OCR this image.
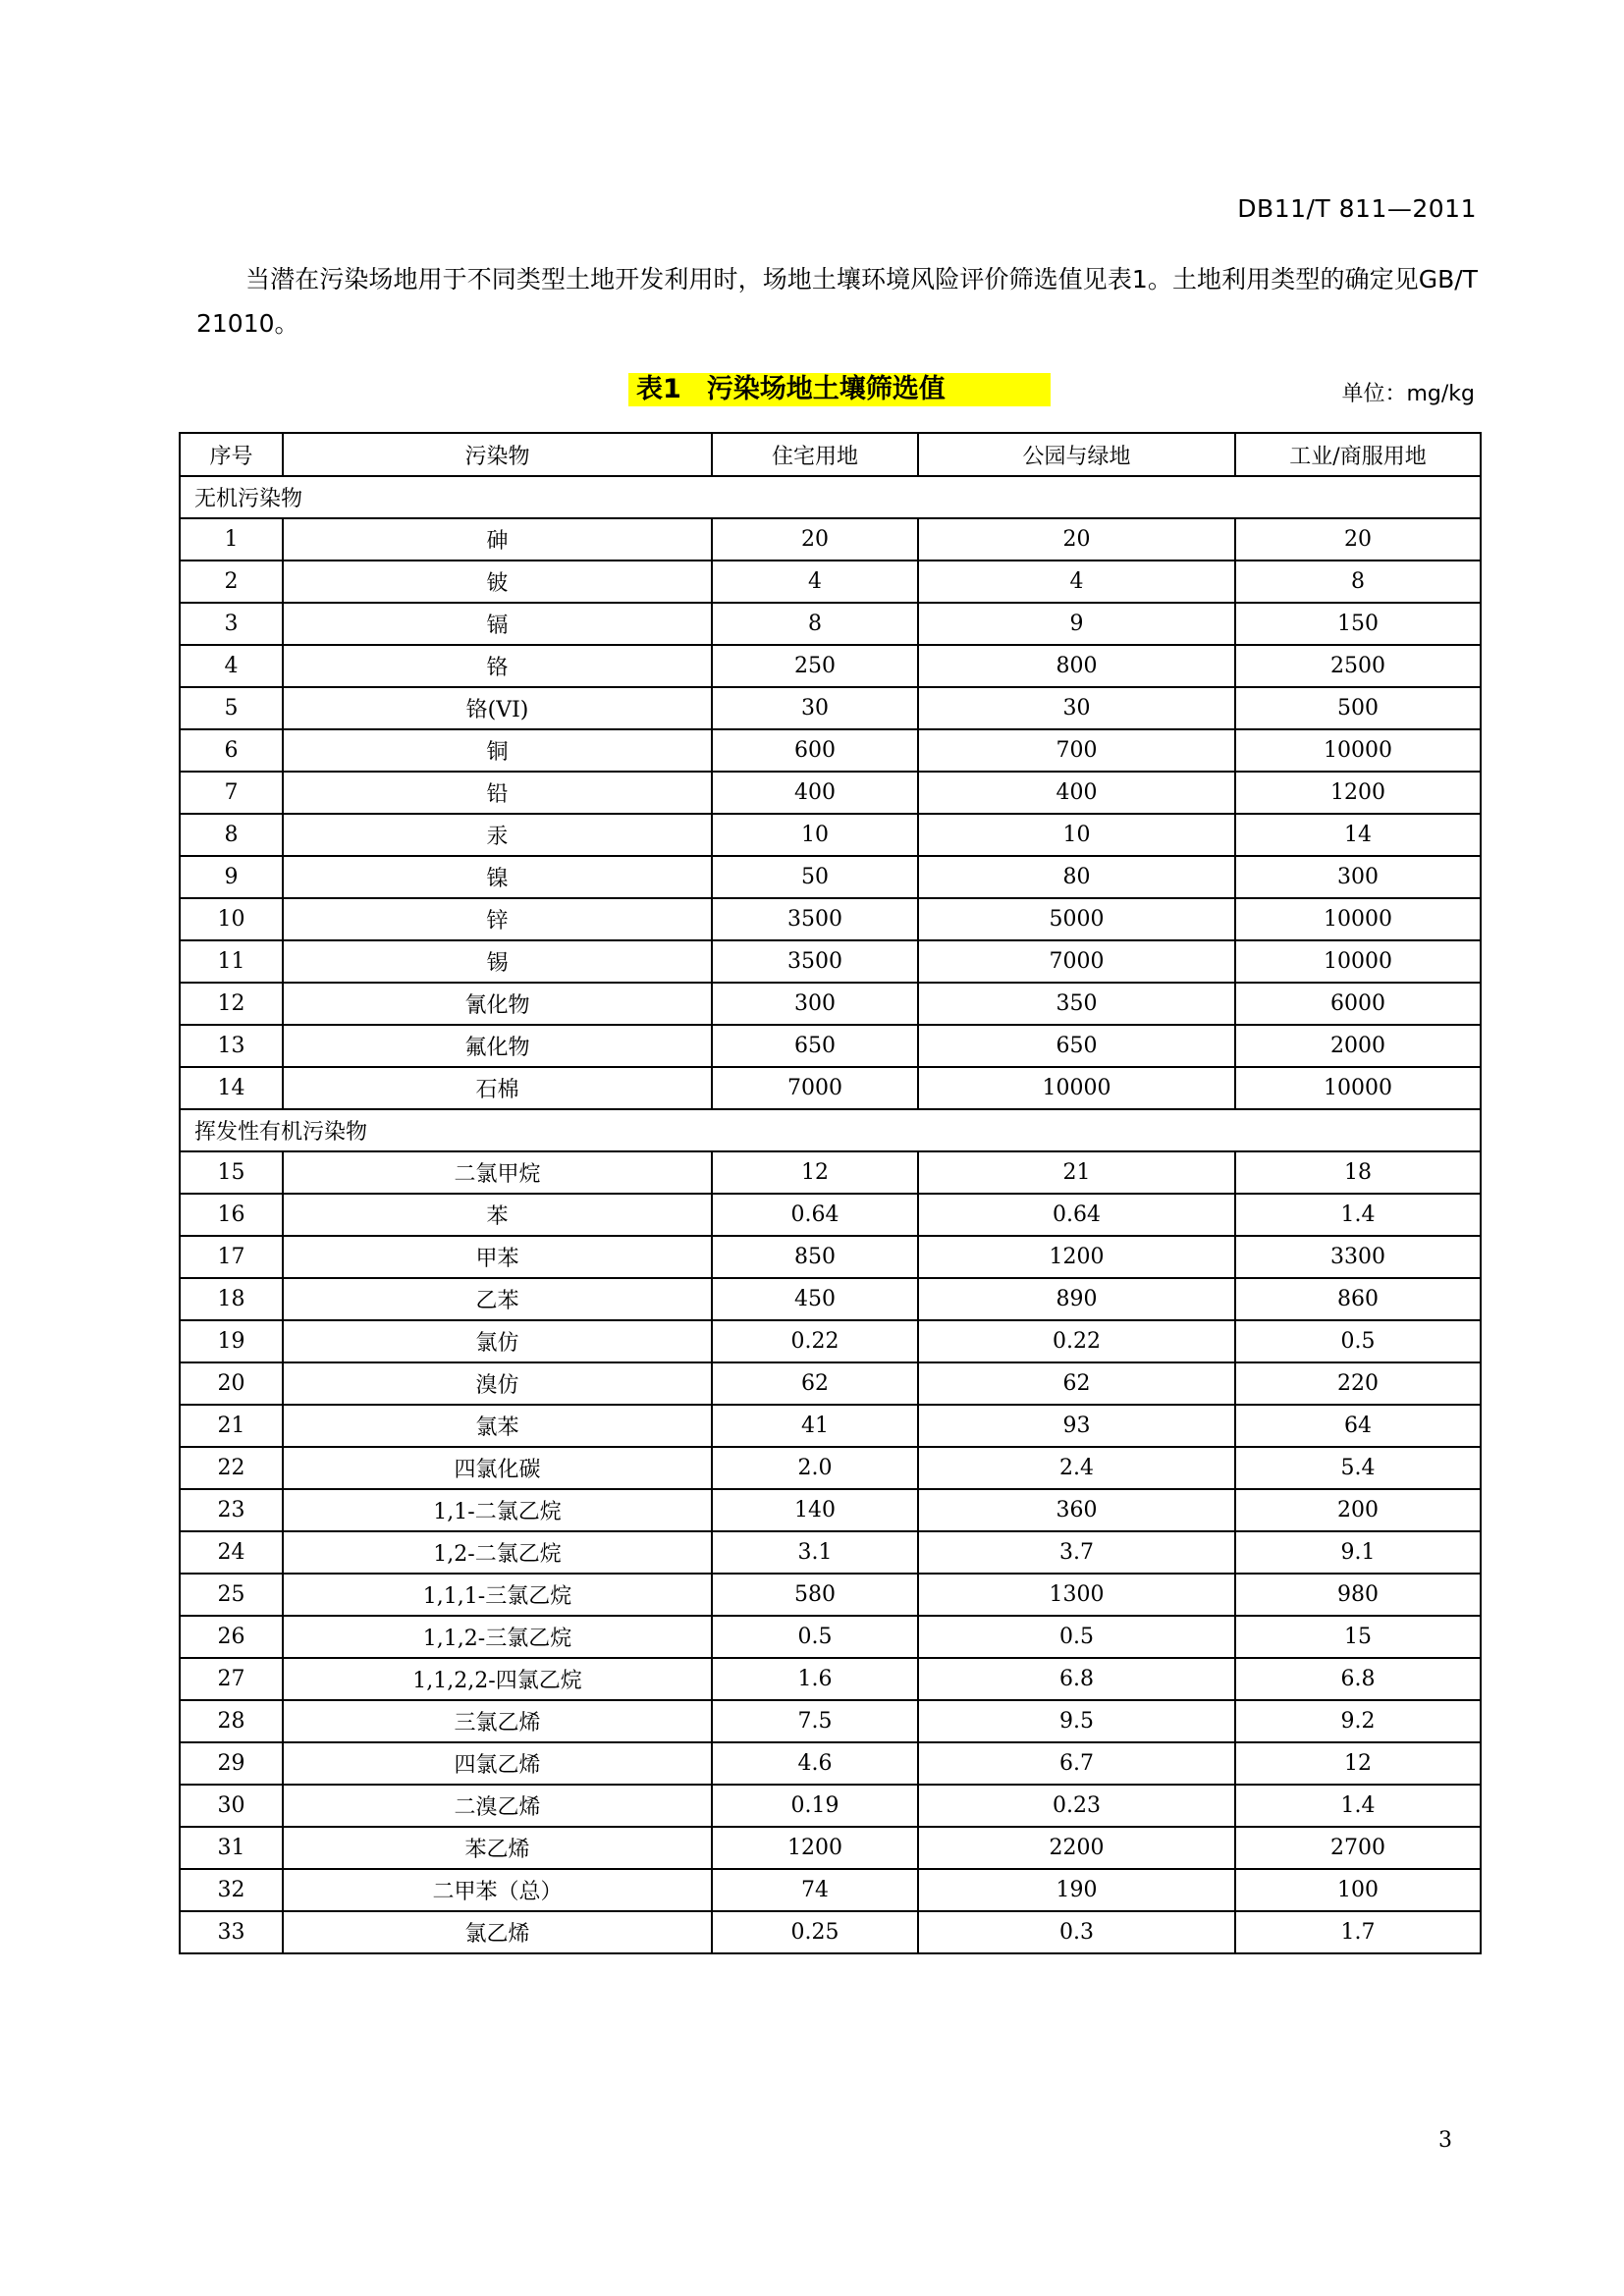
DB11/T 811—2011
当潜在污染场地用于不同类型土地开发利用时，场地土壤环境风险评价筛选值见表1。土地利用类型的确定见GB/T 21010。
表1 污染场地土壤筛选值	单位：mg/kg
序号	污染物	住宅用地	公园与绿地	工业/商服用地
无机污染物				
1	砷	20	20	20
2	铍	4	4	8
3	镉	8	9	150
4	铬	250	800	2500
5	铬(VI)	30	30	500
6	铜	600	700	10000
7	铅	400	400	1200
8	汞	10	10	14
9	镍	50	80	300
10	锌	3500	5000	10000
11	锡	3500	7000	10000
12	氰化物	300	350	6000
13	氟化物	650	650	2000
14	石棉	7000	10000	10000
挥发性有机污染物				
15	二氯甲烷	12	21	18
16	苯	0.64	0.64	1.4
17	甲苯	850	1200	3300
18	乙苯	450	890	860
19	氯仿	0.22	0.22	0.5
20	溴仿	62	62	220
21	氯苯	41	93	64
22	四氯化碳	2.0	2.4	5.4
23	1,1-二氯乙烷	140	360	200
24	1,2-二氯乙烷	3.1	3.7	9.1
25	1,1,1-三氯乙烷	580	1300	980
26	1,1,2-三氯乙烷	0.5	0.5	15
27	1,1,2,2-四氯乙烷	1.6	6.8	6.8
28	三氯乙烯	7.5	9.5	9.2
29	四氯乙烯	4.6	6.7	12
30	二溴乙烯	0.19	0.23	1.4
31	苯乙烯	1200	2200	2700
32	二甲苯（总）	74	190	100
33	氯乙烯	0.25	0.3	1.7
3
